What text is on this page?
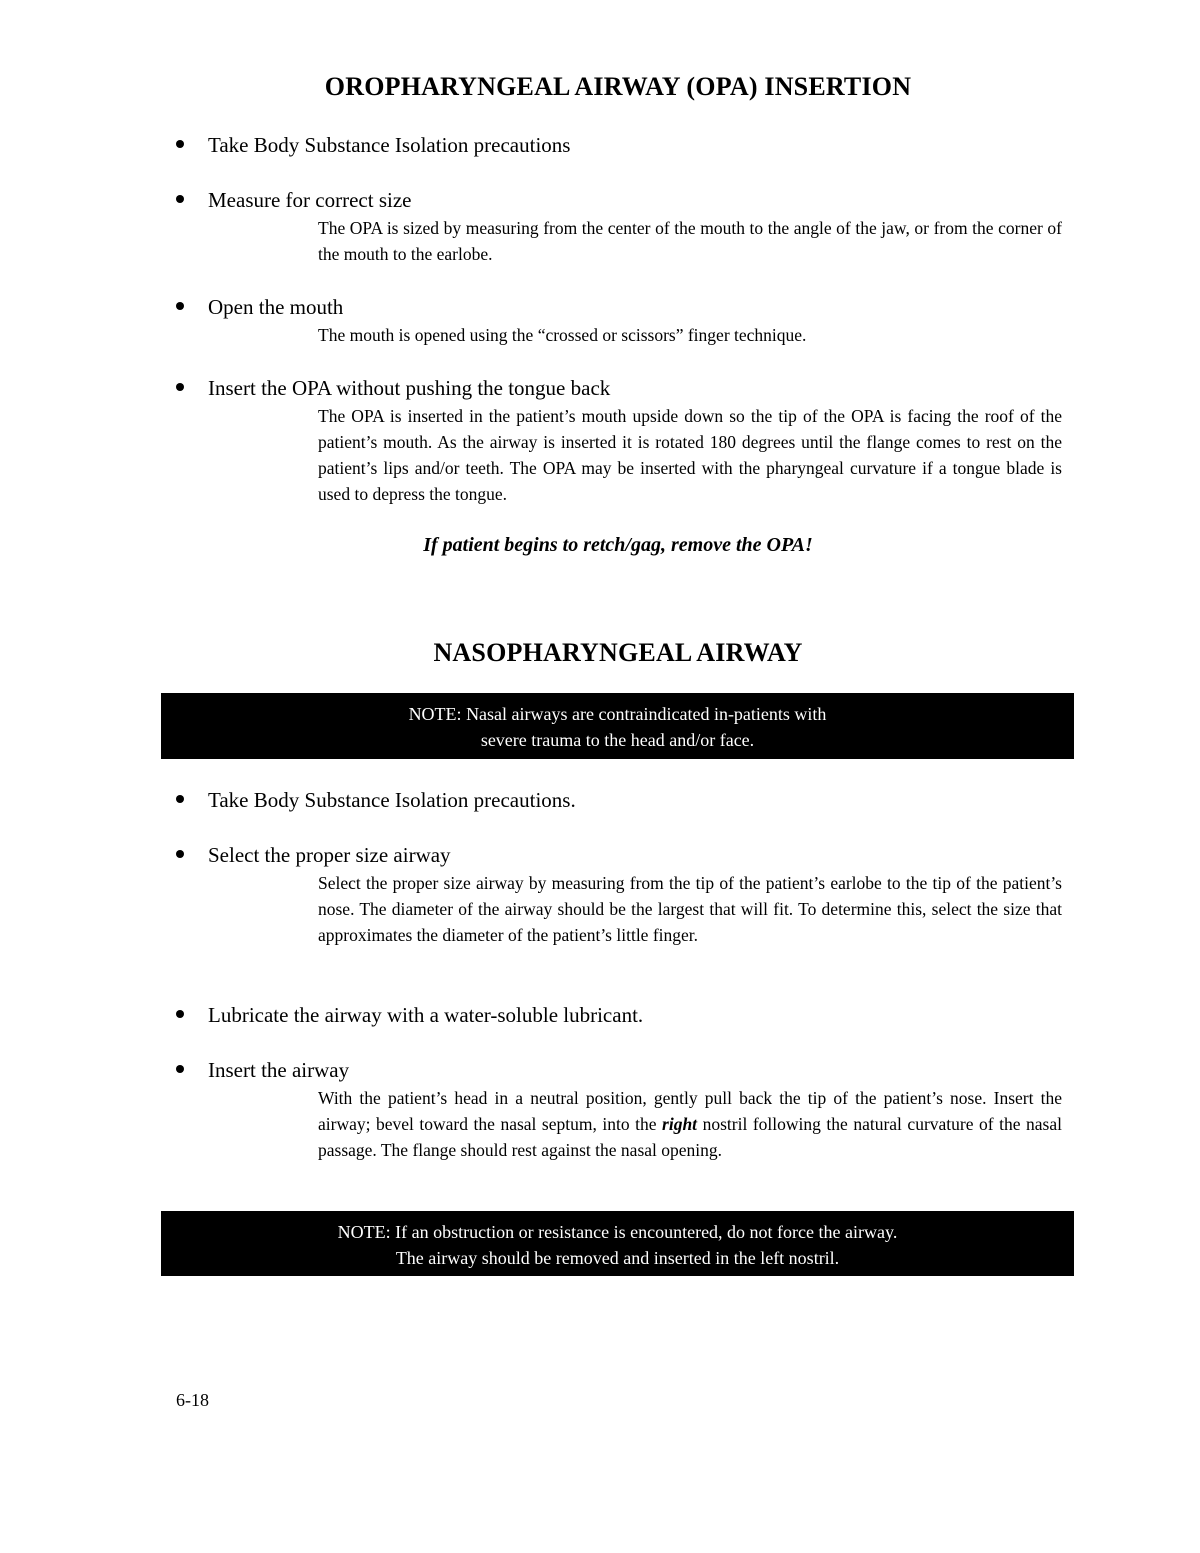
OROPHARYNGEAL AIRWAY (OPA) INSERTION
Take Body Substance Isolation precautions
Measure for correct size
The OPA is sized by measuring from the center of the mouth to the angle of the jaw, or from the corner of the mouth to the earlobe.
Open the mouth
The mouth is opened using the “crossed or scissors” finger technique.
Insert the OPA without pushing the tongue back
The OPA is inserted in the patient’s mouth upside down so the tip of the OPA is facing the roof of the patient’s mouth. As the airway is inserted it is rotated 180 degrees until the flange comes to rest on the patient’s lips and/or teeth. The OPA may be inserted with the pharyngeal curvature if a tongue blade is used to depress the tongue.
If patient begins to retch/gag, remove the OPA!
NASOPHARYNGEAL AIRWAY
NOTE: Nasal airways are contraindicated in-patients with
severe trauma to the head and/or face.
Take Body Substance Isolation precautions.
Select the proper size airway
Select the proper size airway by measuring from the tip of the patient’s earlobe to the tip of the patient’s nose. The diameter of the airway should be the largest that will fit. To determine this, select the size that approximates the diameter of the patient’s little finger.
Lubricate the airway with a water-soluble lubricant.
Insert the airway
With the patient’s head in a neutral position, gently pull back the tip of the patient’s nose. Insert the airway; bevel toward the nasal septum, into the right nostril following the natural curvature of the nasal passage. The flange should rest against the nasal opening.
NOTE: If an obstruction or resistance is encountered, do not force the airway.
The airway should be removed and inserted in the left nostril.
6-18
